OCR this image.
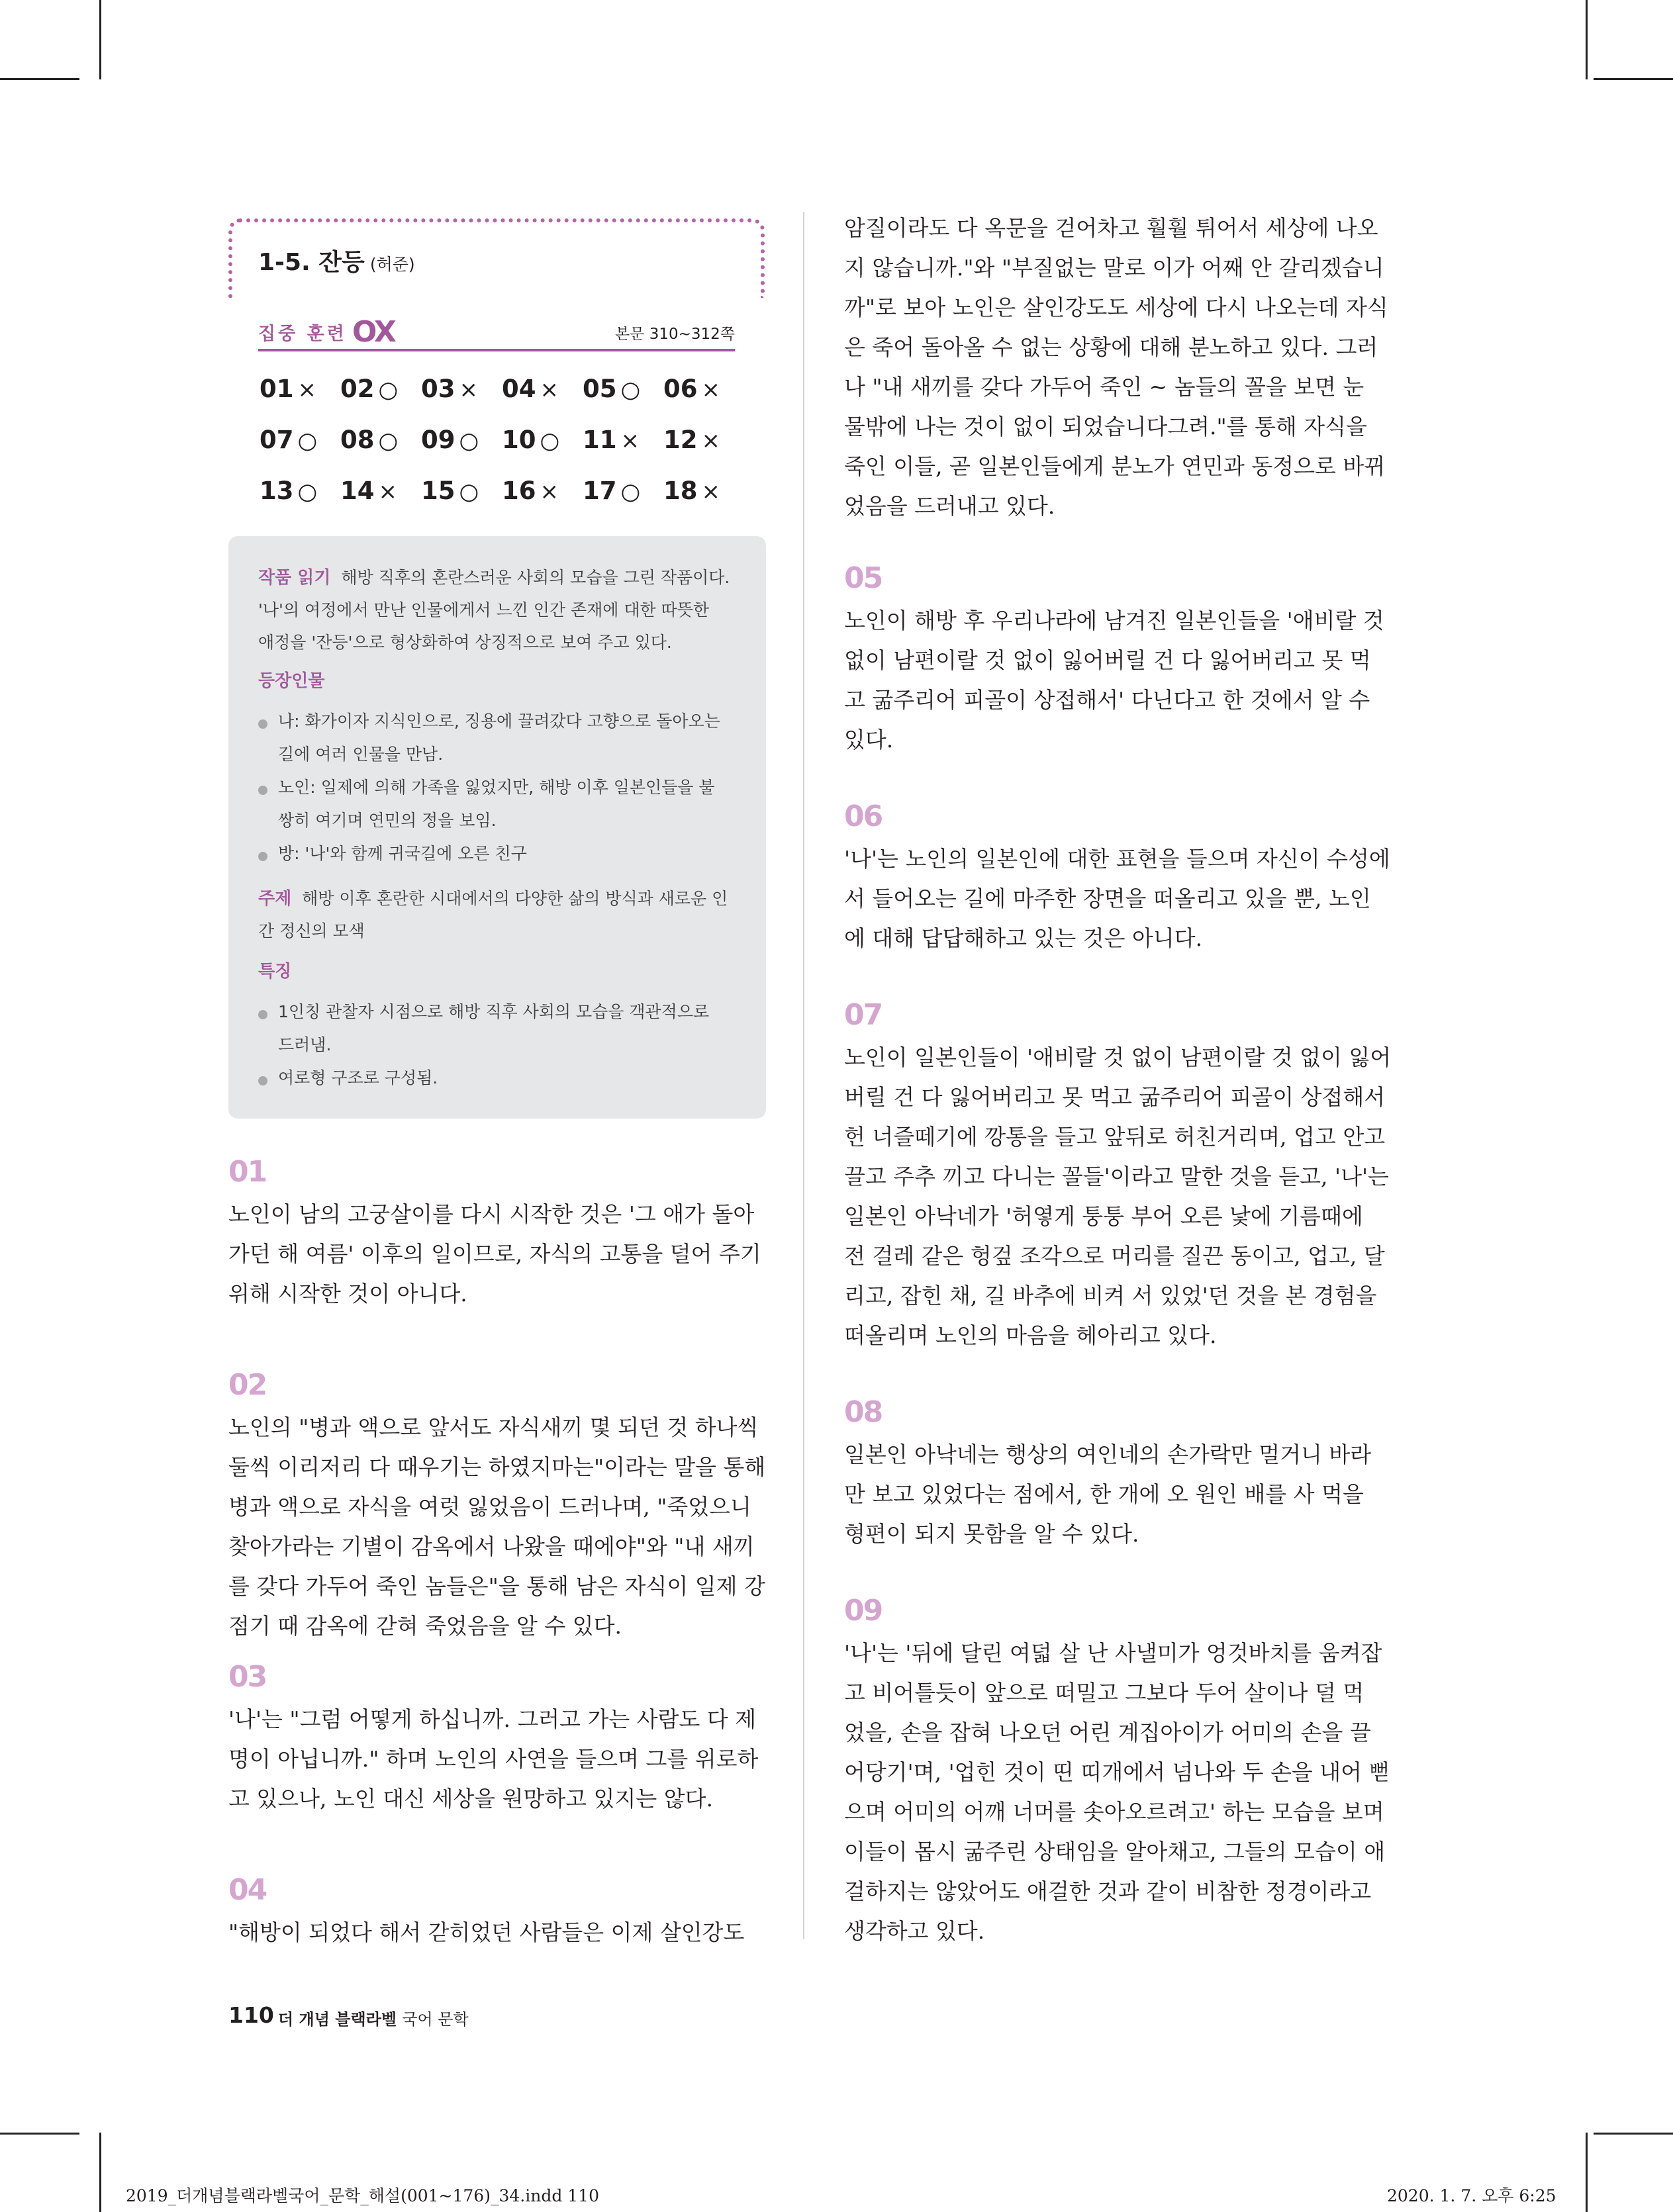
1-5. 잔등 (허준)
집중 훈련 OX	본문 310~312쪽
01 × 02 ○ 03 × 04 × 05 ○ 06 ×
07 ○ 08 ○ 09 ○ 10 ○ 11 × 12 ×
13 ○ 14 × 15 ○ 16 × 17 ○ 18 ×
작품 읽기 해방 직후의 혼란스러운 사회의 모습을 그린 작품이다.
'나'의 여정에서 만난 인물에게서 느낀 인간 존재에 대한 따뜻한
애정을 '잔등'으로 형상화하여 상징적으로 보여 주고 있다.
등장인물
나: 화가이자 지식인으로, 징용에 끌려갔다 고향으로 돌아오는
길에 여러 인물을 만남.
노인: 일제에 의해 가족을 잃었지만, 해방 이후 일본인들을 불
쌍히 여기며 연민의 정을 보임.
방: '나'와 함께 귀국길에 오른 친구
주제 해방 이후 혼란한 시대에서의 다양한 삶의 방식과 새로운 인
간 정신의 모색
특징
1인칭 관찰자 시점으로 해방 직후 사회의 모습을 객관적으로
드러냄.
여로형 구조로 구성됨.
01
노인이 남의 고궁살이를 다시 시작한 것은 '그 애가 돌아
가던 해 여름' 이후의 일이므로, 자식의 고통을 덜어 주기
위해 시작한 것이 아니다.
02
노인의 "병과 액으로 앞서도 자식새끼 몇 되던 것 하나씩
둘씩 이리저리 다 때우기는 하였지마는"이라는 말을 통해
병과 액으로 자식을 여럿 잃었음이 드러나며, "죽었으니
찾아가라는 기별이 감옥에서 나왔을 때에야"와 "내 새끼
를 갖다 가두어 죽인 놈들은"을 통해 남은 자식이 일제 강
점기 때 감옥에 갇혀 죽었음을 알 수 있다.
03
'나'는 "그럼 어떻게 하십니까. 그러고 가는 사람도 다 제
명이 아닙니까." 하며 노인의 사연을 들으며 그를 위로하
고 있으나, 노인 대신 세상을 원망하고 있지는 않다.
04
"해방이 되었다 해서 갇히었던 사람들은 이제 살인강도
암질이라도 다 옥문을 걷어차고 훨훨 튀어서 세상에 나오
지 않습니까."와 "부질없는 말로 이가 어째 안 갈리겠습니
까"로 보아 노인은 살인강도도 세상에 다시 나오는데 자식
은 죽어 돌아올 수 없는 상황에 대해 분노하고 있다. 그러
나 "내 새끼를 갖다 가두어 죽인 ~ 놈들의 꼴을 보면 눈
물밖에 나는 것이 없이 되었습니다그려."를 통해 자식을
죽인 이들, 곧 일본인들에게 분노가 연민과 동정으로 바뀌
었음을 드러내고 있다.
05
노인이 해방 후 우리나라에 남겨진 일본인들을 '애비랄 것
없이 남편이랄 것 없이 잃어버릴 건 다 잃어버리고 못 먹
고 굶주리어 피골이 상접해서' 다닌다고 한 것에서 알 수
있다.
06
'나'는 노인의 일본인에 대한 표현을 들으며 자신이 수성에
서 들어오는 길에 마주한 장면을 떠올리고 있을 뿐, 노인
에 대해 답답해하고 있는 것은 아니다.
07
노인이 일본인들이 '애비랄 것 없이 남편이랄 것 없이 잃어
버릴 건 다 잃어버리고 못 먹고 굶주리어 피골이 상접해서
헌 너즐떼기에 깡통을 들고 앞뒤로 허친거리며, 업고 안고
끌고 주추 끼고 다니는 꼴들'이라고 말한 것을 듣고, '나'는
일본인 아낙네가 '허옇게 퉁퉁 부어 오른 낯에 기름때에
전 걸레 같은 헝겊 조각으로 머리를 질끈 동이고, 업고, 달
리고, 잡힌 채, 길 바추에 비켜 서 있었'던 것을 본 경험을
떠올리며 노인의 마음을 헤아리고 있다.
08
일본인 아낙네는 행상의 여인네의 손가락만 멀거니 바라
만 보고 있었다는 점에서, 한 개에 오 원인 배를 사 먹을
형편이 되지 못함을 알 수 있다.
09
'나'는 '뒤에 달린 여덟 살 난 사낼미가 엉것바치를 움켜잡
고 비어틀듯이 앞으로 떠밀고 그보다 두어 살이나 덜 먹
었을, 손을 잡혀 나오던 어린 계집아이가 어미의 손을 끌
어당기'며, '업힌 것이 띤 띠개에서 넘나와 두 손을 내어 뻗
으며 어미의 어깨 너머를 솟아오르려고' 하는 모습을 보며
이들이 몹시 굶주린 상태임을 알아채고, 그들의 모습이 애
걸하지는 않았어도 애걸한 것과 같이 비참한 정경이라고
생각하고 있다.
110 더 개념 블랙라벨 국어 문학
2019_더개념블랙라벨국어_문학_해설(001~176)_34.indd 110	2020. 1. 7. 오후 6:25
